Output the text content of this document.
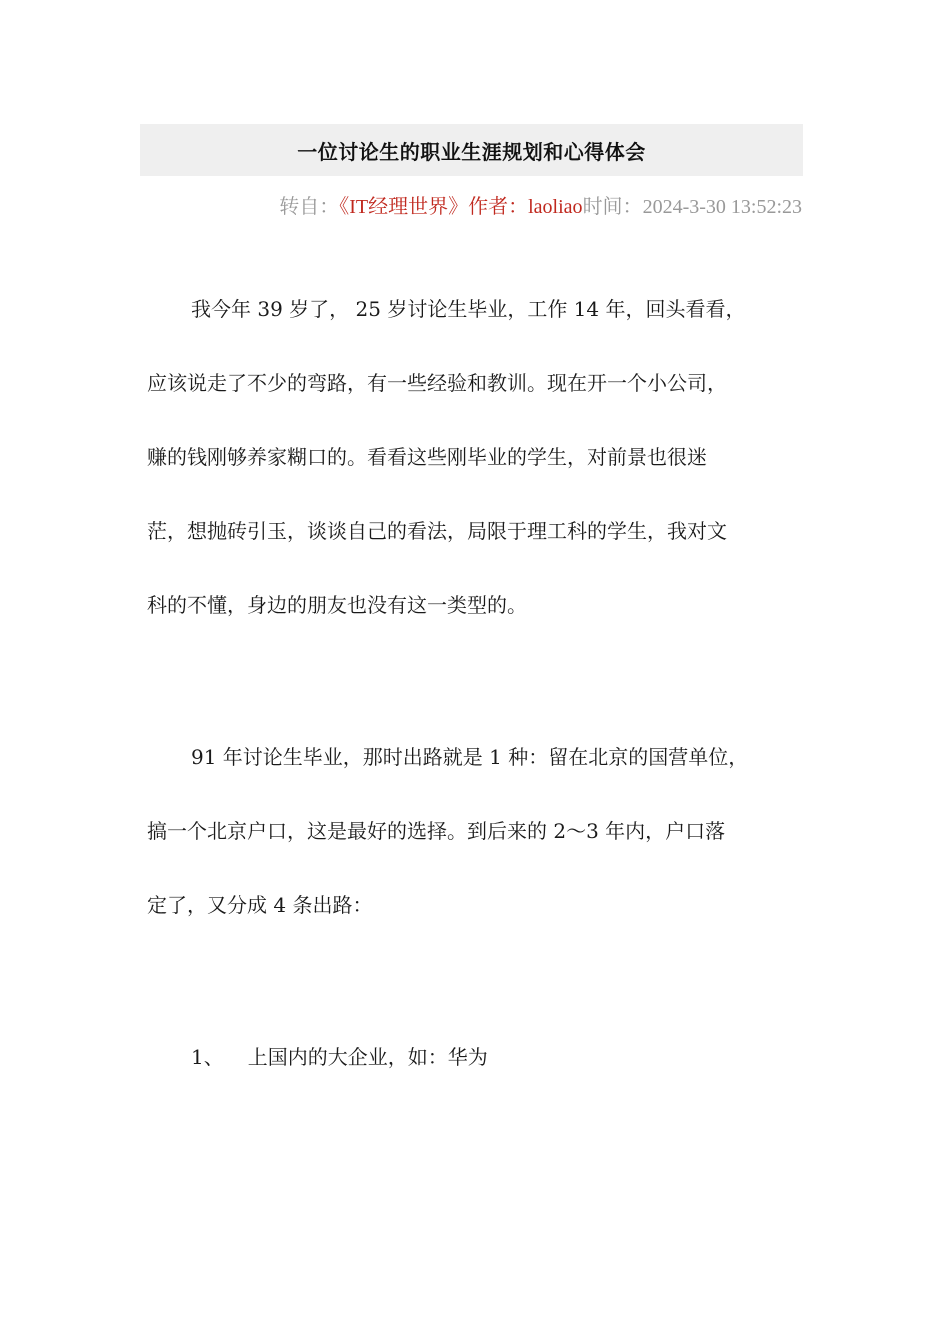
一位讨论生的职业生涯规划和心得体会
转自：《IT经理世界》作者：laoliao时间：2024-3-30 13:52:23
我今年 39 岁了， 25 岁讨论生毕业，工作 14 年，回头看看，
应该说走了不少的弯路，有一些经验和教训。现在开一个小公司，
赚的钱刚够养家糊口的。看看这些刚毕业的学生，对前景也很迷
茫，想抛砖引玉，谈谈自己的看法，局限于理工科的学生，我对文
科的不懂，身边的朋友也没有这一类型的。
91 年讨论生毕业，那时出路就是 1 种：留在北京的国营单位，
搞一个北京户口，这是最好的选择。到后来的 2～3 年内，户口落
定了，又分成 4 条出路：
1、 上国内的大企业，如：华为
